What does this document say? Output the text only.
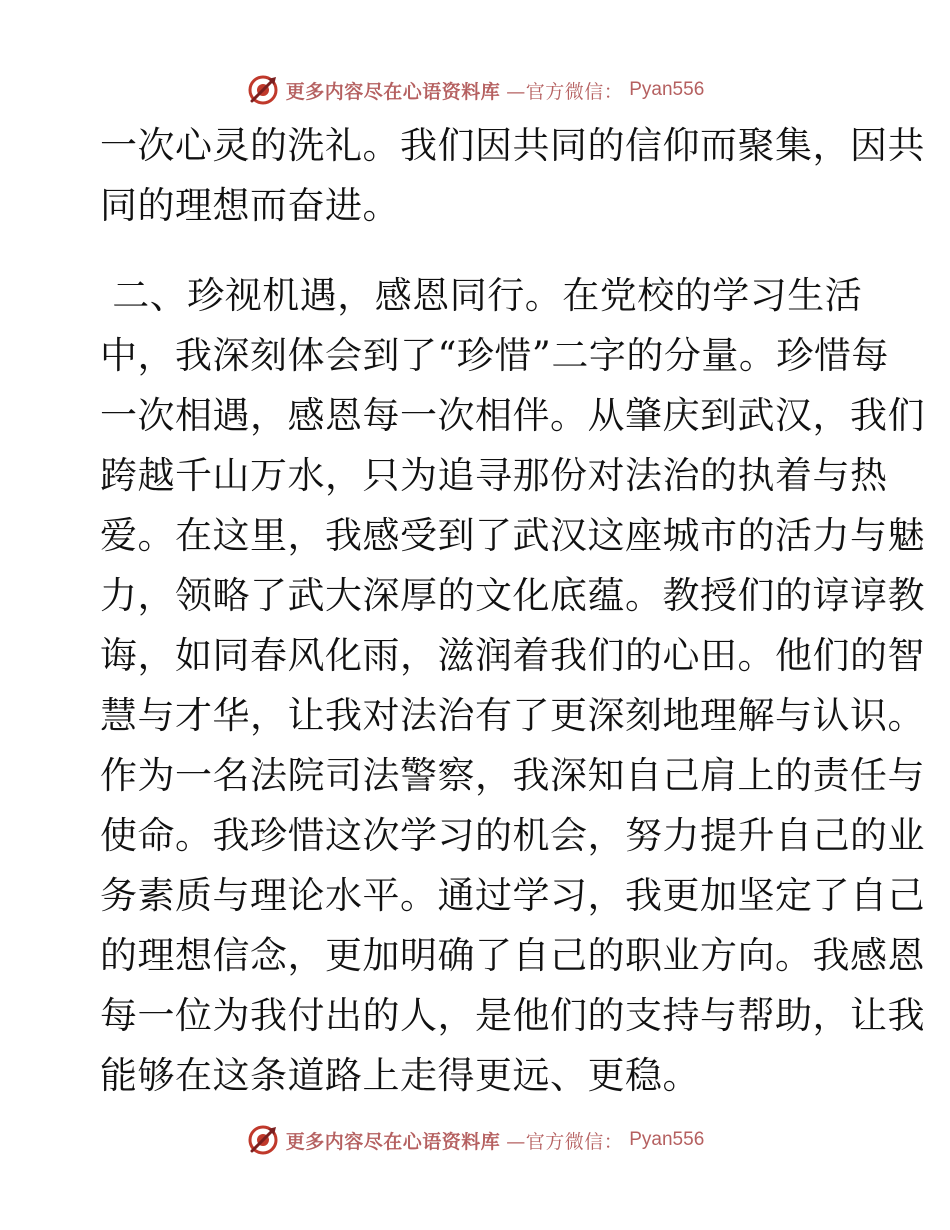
更多内容尽在心语资料库 —官方微信： Pyan556
一次心灵的洗礼。我们因共同的信仰而聚集，因共
同的理想而奋进。
二、珍视机遇，感恩同行。在党校的学习生活
中，我深刻体会到了“珍惜”二字的分量。珍惜每
一次相遇，感恩每一次相伴。从肇庆到武汉，我们
跨越千山万水，只为追寻那份对法治的执着与热
爱。在这里，我感受到了武汉这座城市的活力与魅
力，领略了武大深厚的文化底蕴。教授们的谆谆教
诲，如同春风化雨，滋润着我们的心田。他们的智
慧与才华，让我对法治有了更深刻地理解与认识。
作为一名法院司法警察，我深知自己肩上的责任与
使命。我珍惜这次学习的机会，努力提升自己的业
务素质与理论水平。通过学习，我更加坚定了自己
的理想信念，更加明确了自己的职业方向。我感恩
每一位为我付出的人，是他们的支持与帮助，让我
能够在这条道路上走得更远、更稳。
更多内容尽在心语资料库 —官方微信： Pyan556
